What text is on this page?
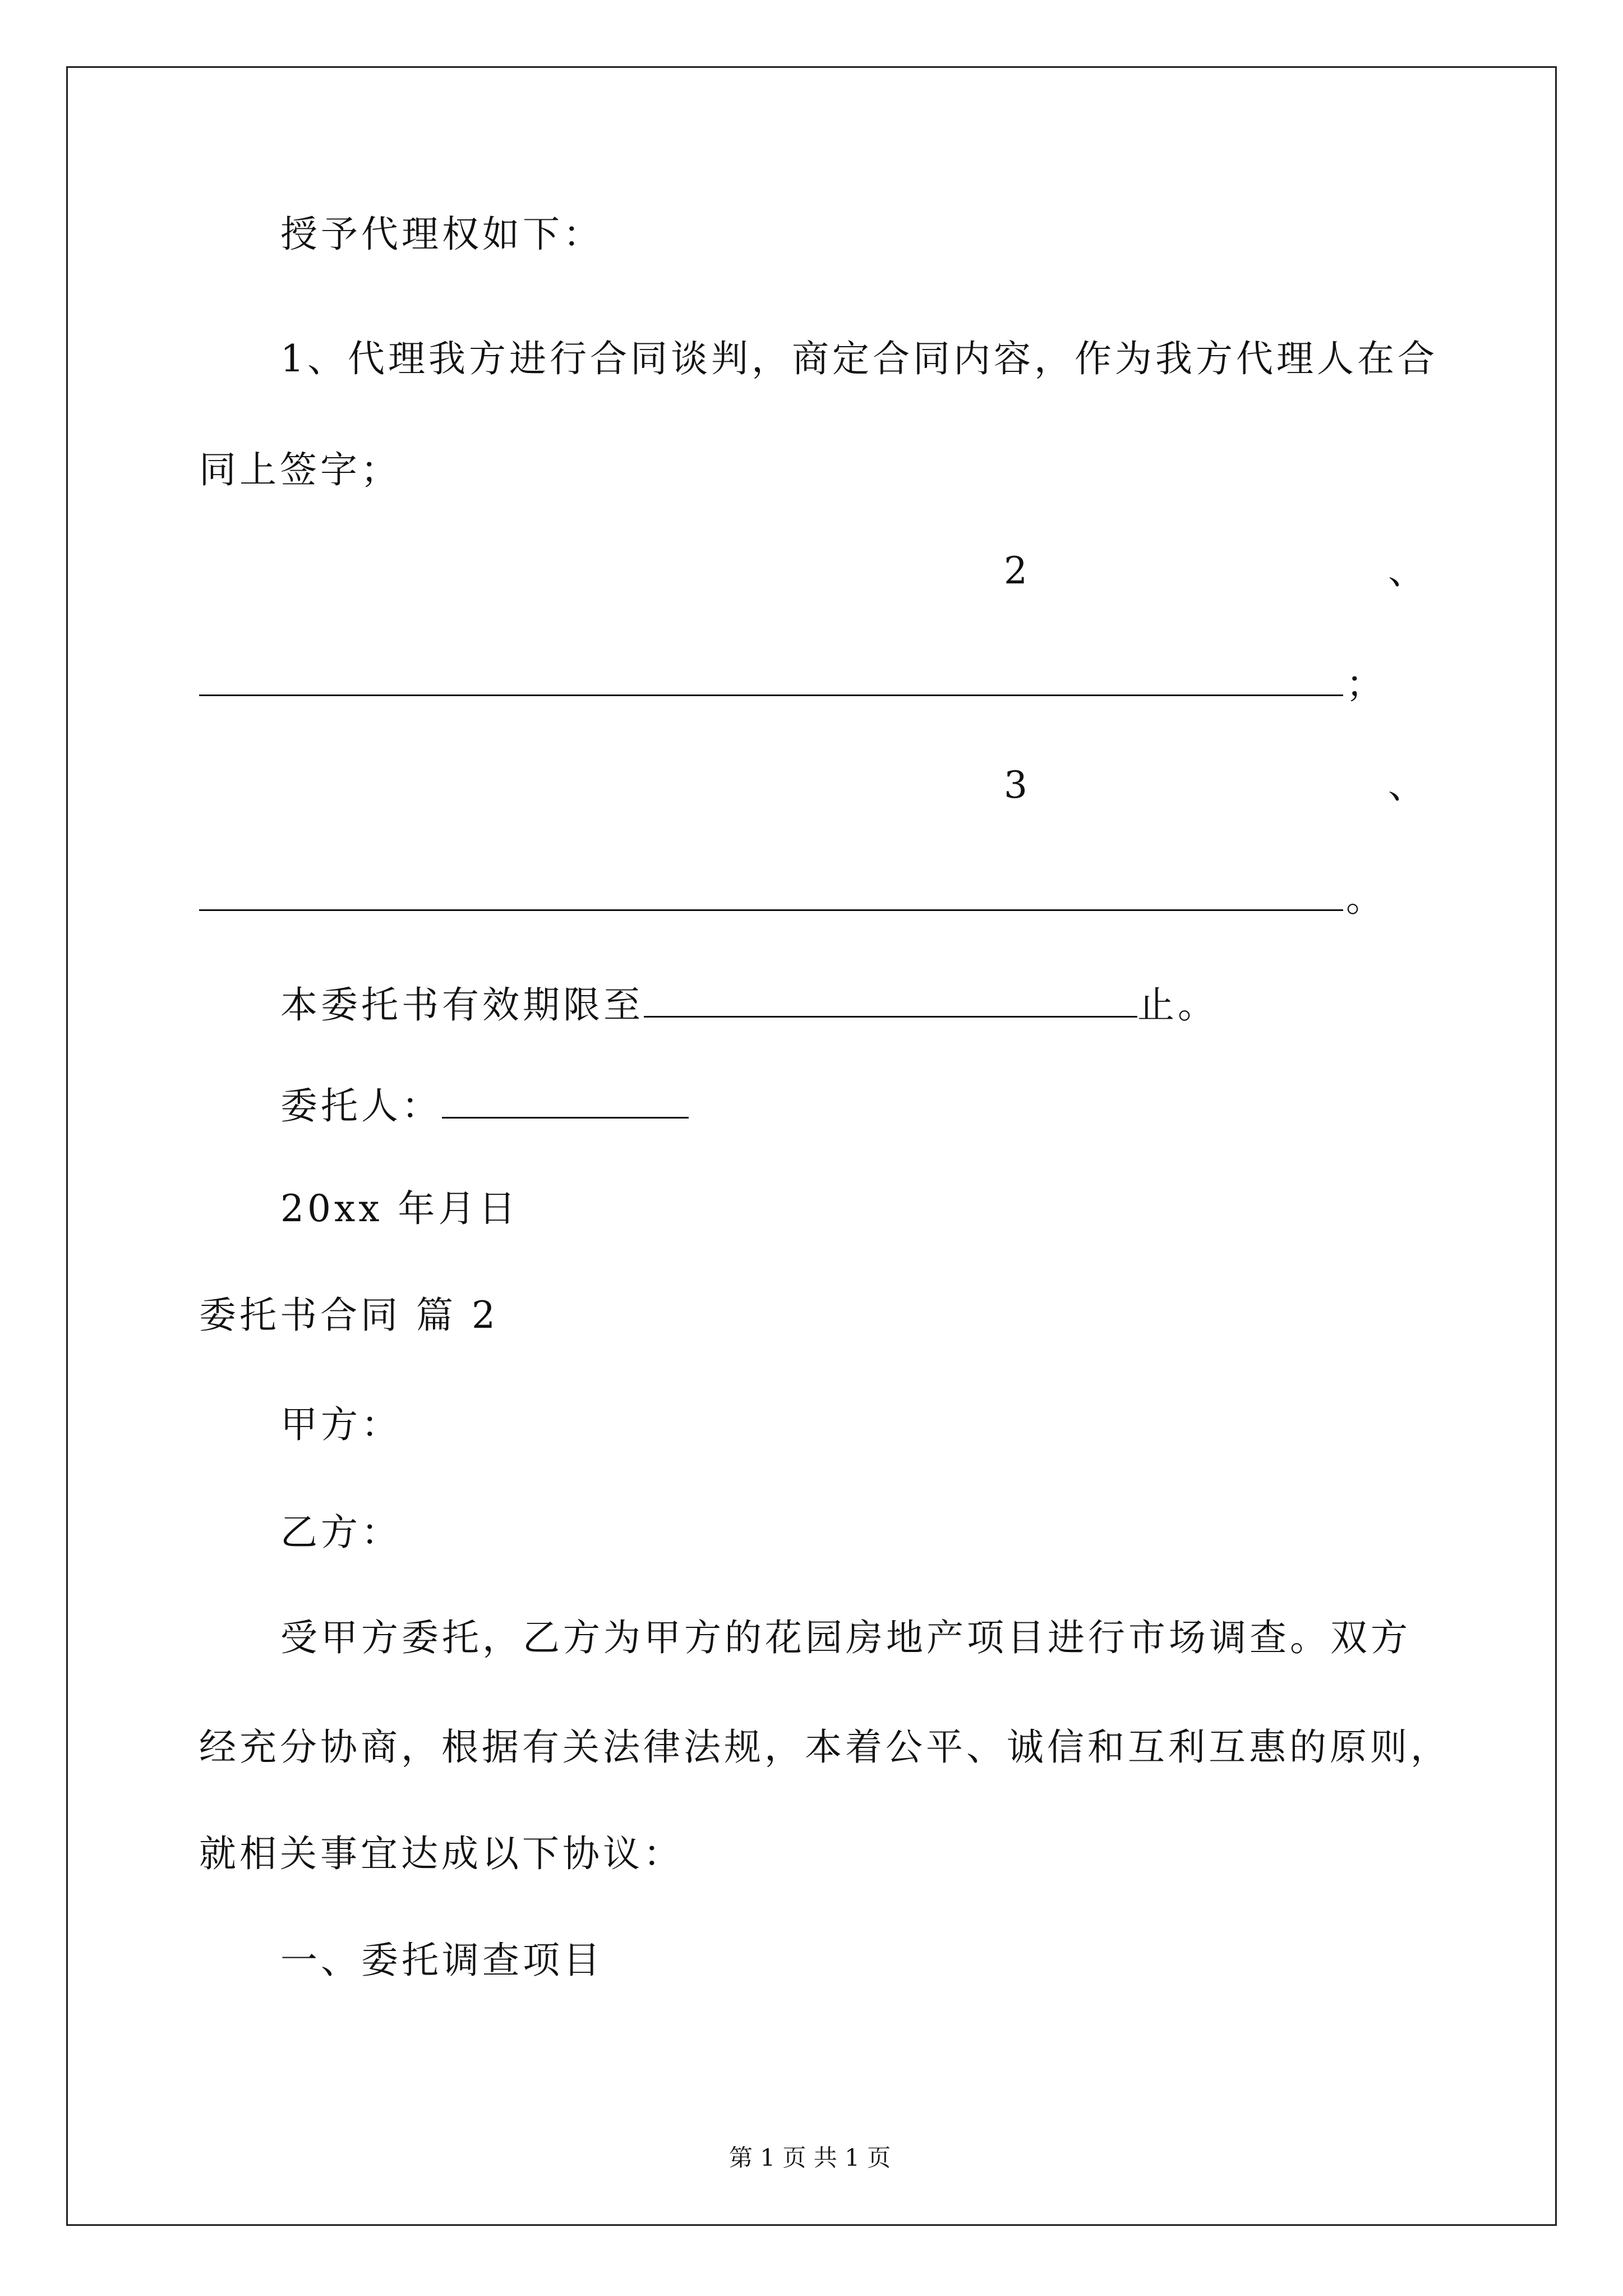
授予代理权如下：
1、代理我方进行合同谈判，商定合同内容，作为我方代理人在合
同上签字；
2	、
；
3	、
。
本委托书有效期限至	止。
委托人：
20xx 年月日
委托书合同 篇 2
甲方：
乙方：
受甲方委托，乙方为甲方的花园房地产项目进行市场调查。双方
经充分协商，根据有关法律法规，本着公平、诚信和互利互惠的原则，
就相关事宜达成以下协议：
一、委托调查项目
第 1 页 共 1 页
